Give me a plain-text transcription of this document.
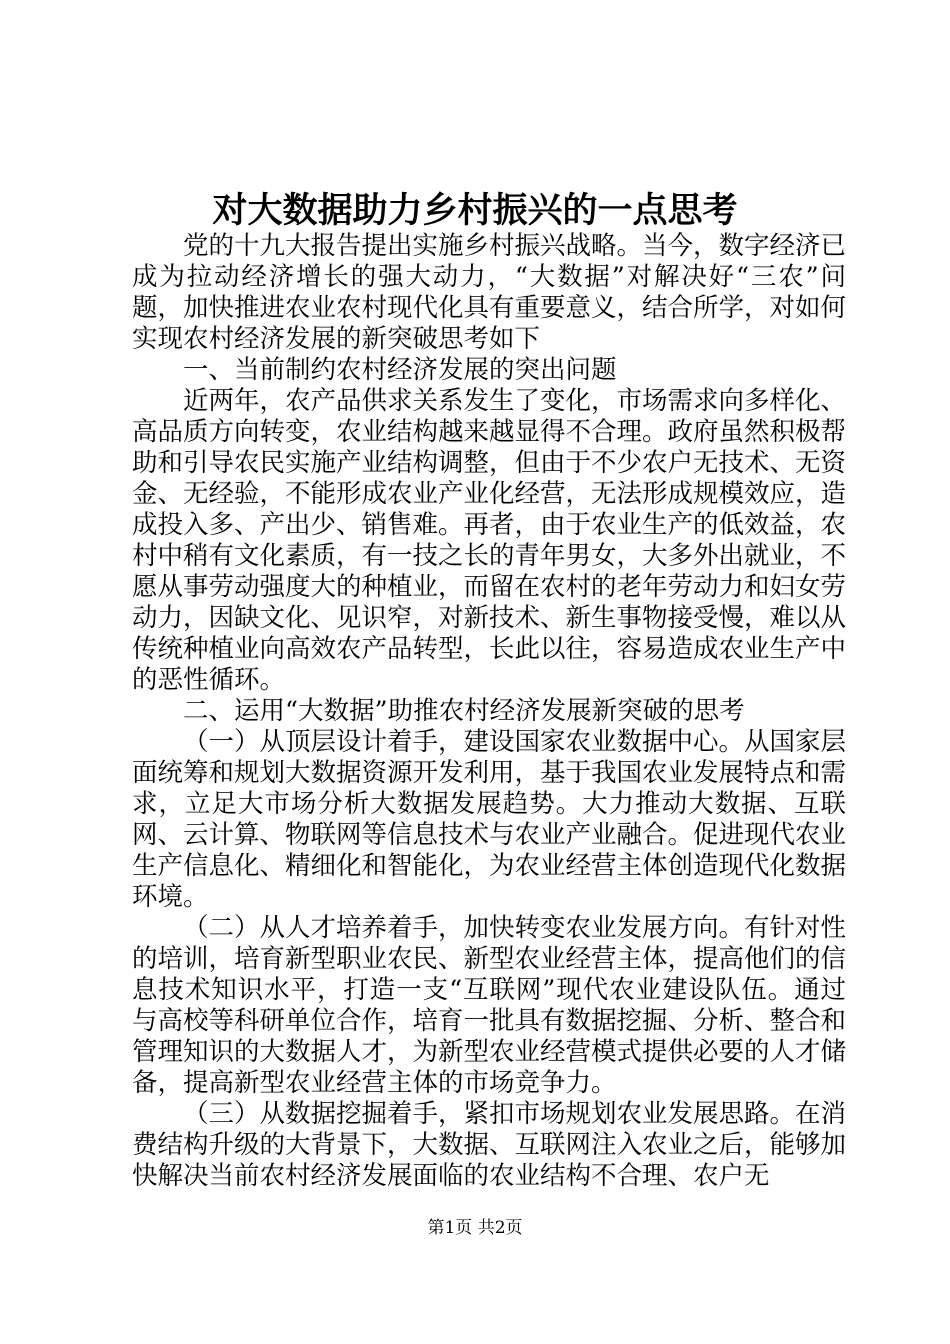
对大数据助力乡村振兴的一点思考

党的十九大报告提出实施乡村振兴战略。当今，数字经济已成为拉动经济增长的强大动力，“大数据”对解决好“三农”问题，加快推进农业农村现代化具有重要意义，结合所学，对如何实现农村经济发展的新突破思考如下

一、当前制约农村经济发展的突出问题

近两年，农产品供求关系发生了变化，市场需求向多样化、高品质方向转变，农业结构越来越显得不合理。政府虽然积极帮助和引导农民实施产业结构调整，但由于不少农户无技术、无资金、无经验，不能形成农业产业化经营，无法形成规模效应，造成投入多、产出少、销售难。再者，由于农业生产的低效益，农村中稍有文化素质，有一技之长的青年男女，大多外出就业，不愿从事劳动强度大的种植业，而留在农村的老年劳动力和妇女劳动力，因缺文化、见识窄，对新技术、新生事物接受慢，难以从传统种植业向高效农产品转型，长此以往，容易造成农业生产中的恶性循环。

二、运用“大数据”助推农村经济发展新突破的思考

（一）从顶层设计着手，建设国家农业数据中心。从国家层面统筹和规划大数据资源开发利用，基于我国农业发展特点和需求，立足大市场分析大数据发展趋势。大力推动大数据、互联网、云计算、物联网等信息技术与农业产业融合。促进现代农业生产信息化、精细化和智能化，为农业经营主体创造现代化数据环境。

（二）从人才培养着手，加快转变农业发展方向。有针对性的培训，培育新型职业农民、新型农业经营主体，提高他们的信息技术知识水平，打造一支“互联网”现代农业建设队伍。通过与高校等科研单位合作，培育一批具有数据挖掘、分析、整合和管理知识的大数据人才，为新型农业经营模式提供必要的人才储备，提高新型农业经营主体的市场竞争力。

（三）从数据挖掘着手，紧扣市场规划农业发展思路。在消费结构升级的大背景下，大数据、互联网注入农业之后，能够加快解决当前农村经济发展面临的农业结构不合理、农户无

第1页 共2页
